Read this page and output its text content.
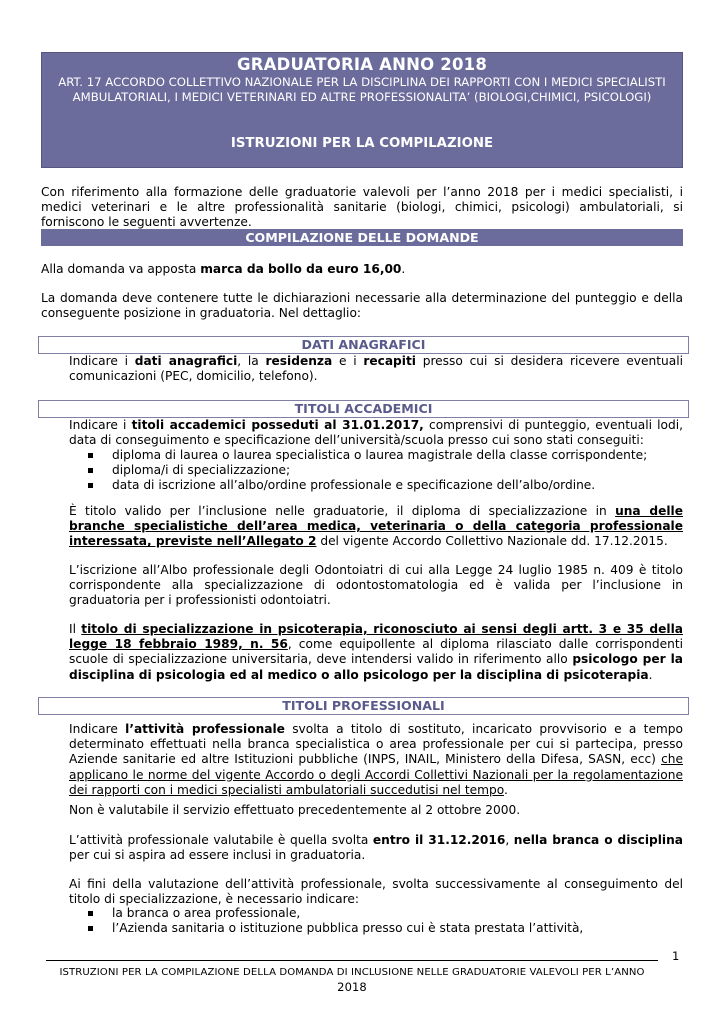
GRADUATORIA ANNO 2018
ART. 17 ACCORDO COLLETTIVO NAZIONALE PER LA DISCIPLINA DEI RAPPORTI CON I MEDICI SPECIALISTI
AMBULATORIALI, I MEDICI VETERINARI ED ALTRE PROFESSIONALITA’ (BIOLOGI,CHIMICI, PSICOLOGI)
ISTRUZIONI PER LA COMPILAZIONE

Con riferimento alla formazione delle graduatorie valevoli per l’anno 2018 per i medici specialisti, i medici veterinari e le altre professionalità sanitarie (biologi, chimici, psicologi) ambulatoriali, si forniscono le seguenti avvertenze.

COMPILAZIONE DELLE DOMANDE

Alla domanda va apposta marca da bollo da euro 16,00.

La domanda deve contenere tutte le dichiarazioni necessarie alla determinazione del punteggio e della conseguente posizione in graduatoria. Nel dettaglio:

DATI ANAGRAFICI

Indicare i dati anagrafici, la residenza e i recapiti presso cui si desidera ricevere eventuali comunicazioni (PEC, domicilio, telefono).

TITOLI ACCADEMICI

Indicare i titoli accademici posseduti al 31.01.2017, comprensivi di punteggio, eventuali lodi, data di conseguimento e specificazione dell’università/scuola presso cui sono stati conseguiti:

diploma di laurea o laurea specialistica o laurea magistrale della classe corrispondente;
diploma/i di specializzazione;
data di iscrizione all’albo/ordine professionale e specificazione dell’albo/ordine.

È titolo valido per l’inclusione nelle graduatorie, il diploma di specializzazione in una delle branche specialistiche dell’area medica, veterinaria o della categoria professionale interessata, previste nell’Allegato 2 del vigente Accordo Collettivo Nazionale dd. 17.12.2015.

L’iscrizione all’Albo professionale degli Odontoiatri di cui alla Legge 24 luglio 1985 n. 409 è titolo corrispondente alla specializzazione di odontostomatologia ed è valida per l’inclusione in graduatoria per i professionisti odontoiatri.

Il titolo di specializzazione in psicoterapia, riconosciuto ai sensi degli artt. 3 e 35 della legge 18 febbraio 1989, n. 56, come equipollente al diploma rilasciato dalle corrispondenti scuole di specializzazione universitaria, deve intendersi valido in riferimento allo psicologo per la disciplina di psicologia ed al medico o allo psicologo per la disciplina di psicoterapia.

TITOLI PROFESSIONALI

Indicare l’attività professionale svolta a titolo di sostituto, incaricato provvisorio e a tempo determinato effettuati nella branca specialistica o area professionale per cui si partecipa, presso Aziende sanitarie ed altre Istituzioni pubbliche (INPS, INAIL, Ministero della Difesa, SASN, ecc) che applicano le norme del vigente Accordo o degli Accordi Collettivi Nazionali per la regolamentazione dei rapporti con i medici specialisti ambulatoriali succedutisi nel tempo.

Non è valutabile il servizio effettuato precedentemente al 2 ottobre 2000.

L’attività professionale valutabile è quella svolta entro il 31.12.2016, nella branca o disciplina per cui si aspira ad essere inclusi in graduatoria.

Ai fini della valutazione dell’attività professionale, svolta successivamente al conseguimento del titolo di specializzazione, è necessario indicare:

la branca o area professionale,
l’Azienda sanitaria o istituzione pubblica presso cui è stata prestata l’attività,
1
ISTRUZIONI PER LA COMPILAZIONE DELLA DOMANDA DI INCLUSIONE NELLE GRADUATORIE VALEVOLI PER L’ANNO 2018
